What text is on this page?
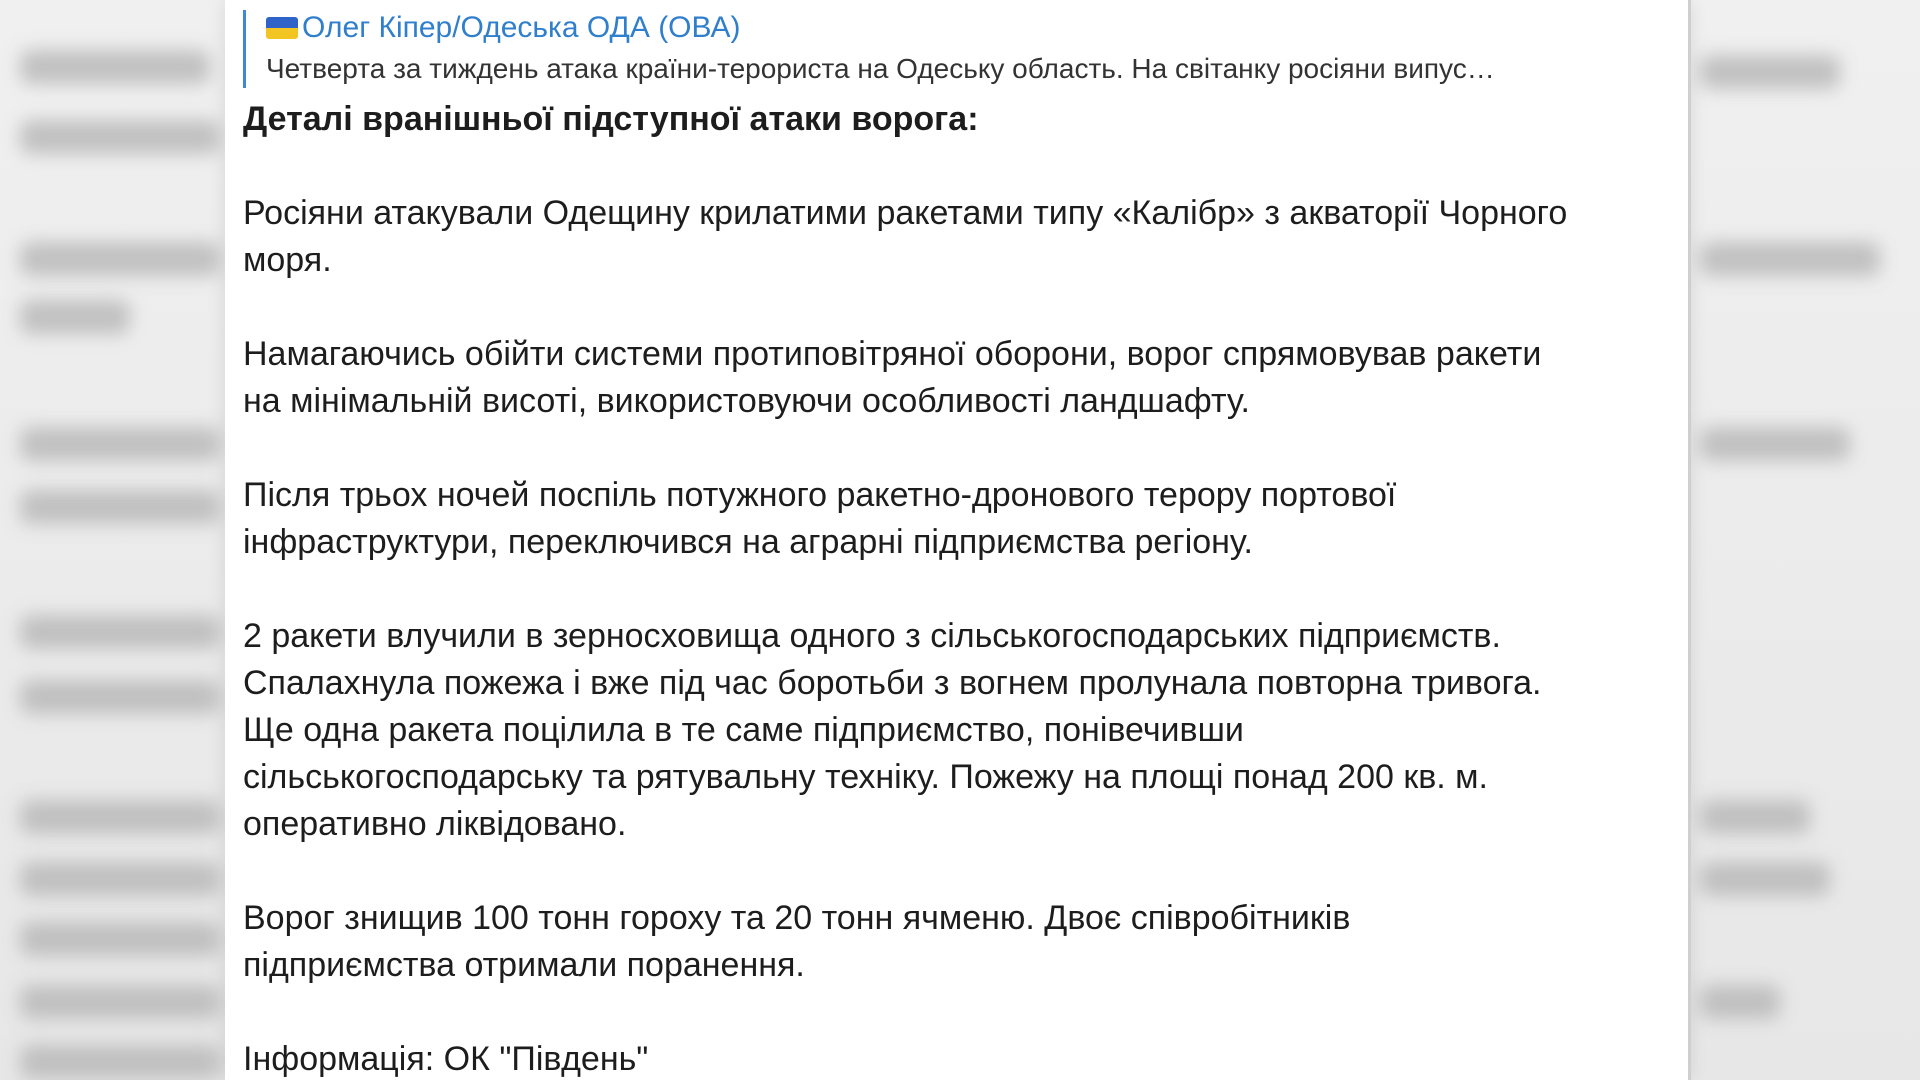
Олег Кіпер/Одеська ОДА (ОВА)
Четверта за тиждень атака країни-терориста на Одеську область. На світанку росіяни випус…
Деталі вранішньої підступної атаки ворога:
Росіяни атакували Одещину крилатими ракетами типу «Калібр» з акваторії Чорного
моря.
Намагаючись обійти системи протиповітряної оборони, ворог спрямовував ракети
на мінімальній висоті, використовуючи особливості ландшафту.
Після трьох ночей поспіль потужного ракетно-дронового терору портової
інфраструктури, переключився на аграрні підприємства регіону.
2 ракети влучили в зерносховища одного з сільськогосподарських підприємств.
Спалахнула пожежа і вже під час боротьби з вогнем пролунала повторна тривога.
Ще одна ракета поцілила в те саме підприємство, понівечивши
сільськогосподарську та рятувальну техніку. Пожежу на площі понад 200 кв. м.
оперативно ліквідовано.
Ворог знищив 100 тонн гороху та 20 тонн ячменю. Двоє співробітників
підприємства отримали поранення.
Інформація: ОК "Південь"
